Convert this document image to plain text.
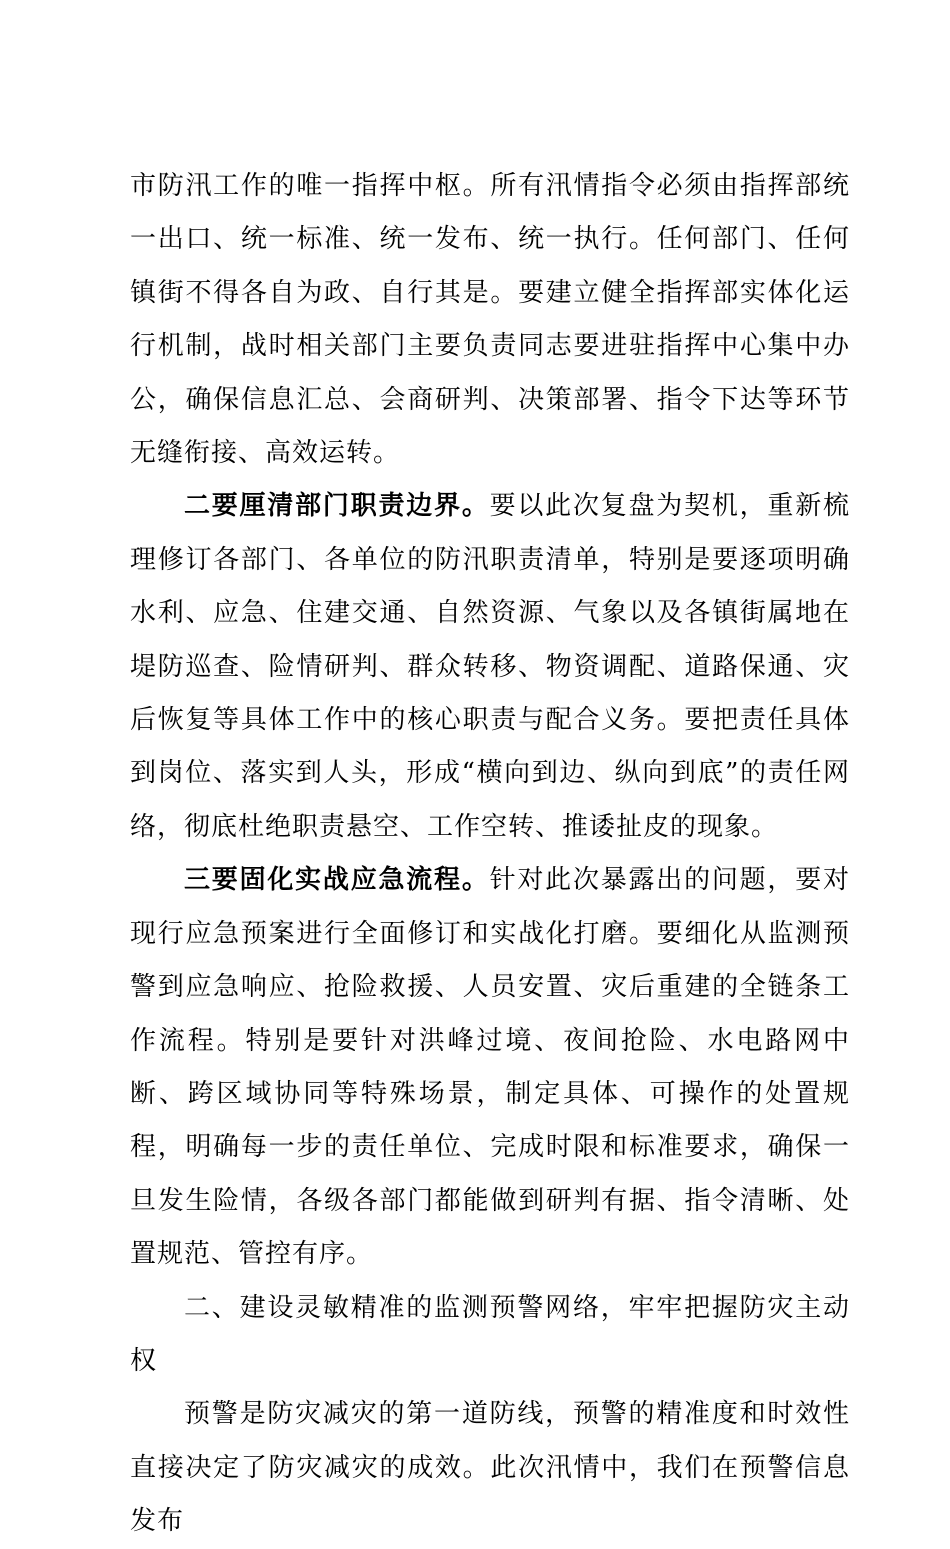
市防汛工作的唯一指挥中枢。所有汛情指令必须由指挥部统一出口、统一标准、统一发布、统一执行。任何部门、任何镇街不得各自为政、自行其是。要建立健全指挥部实体化运行机制，战时相关部门主要负责同志要进驻指挥中心集中办公，确保信息汇总、会商研判、决策部署、指令下达等环节无缝衔接、高效运转。

二要厘清部门职责边界。要以此次复盘为契机，重新梳理修订各部门、各单位的防汛职责清单，特别是要逐项明确水利、应急、住建交通、自然资源、气象以及各镇街属地在堤防巡查、险情研判、群众转移、物资调配、道路保通、灾后恢复等具体工作中的核心职责与配合义务。要把责任具体到岗位、落实到人头，形成“横向到边、纵向到底”的责任网络，彻底杜绝职责悬空、工作空转、推诿扯皮的现象。

三要固化实战应急流程。针对此次暴露出的问题，要对现行应急预案进行全面修订和实战化打磨。要细化从监测预警到应急响应、抢险救援、人员安置、灾后重建的全链条工作流程。特别是要针对洪峰过境、夜间抢险、水电路网中断、跨区域协同等特殊场景，制定具体、可操作的处置规程，明确每一步的责任单位、完成时限和标准要求，确保一旦发生险情，各级各部门都能做到研判有据、指令清晰、处置规范、管控有序。

二、建设灵敏精准的监测预警网络，牢牢把握防灾主动权

预警是防灾减灾的第一道防线，预警的精准度和时效性直接决定了防灾减灾的成效。此次汛情中，我们在预警信息发布
